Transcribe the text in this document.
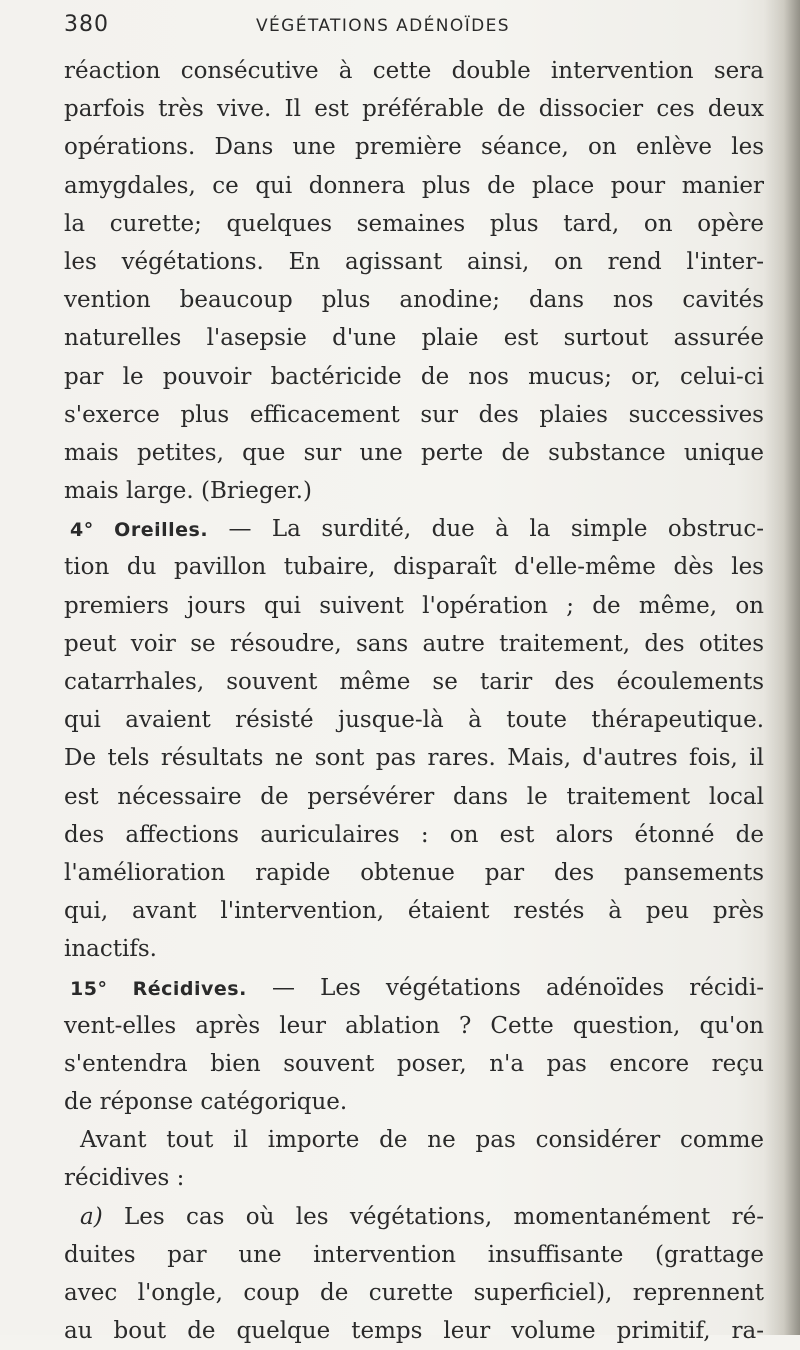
380	VÉGÉTATIONS ADÉNOÏDES
réaction consécutive à cette double intervention sera
parfois très vive. Il est préférable de dissocier ces deux
opérations. Dans une première séance, on enlève les
amygdales, ce qui donnera plus de place pour manier
la curette; quelques semaines plus tard, on opère
les végétations. En agissant ainsi, on rend l'inter-
vention beaucoup plus anodine; dans nos cavités
naturelles l'asepsie d'une plaie est surtout assurée
par le pouvoir bactéricide de nos mucus; or, celui-ci
s'exerce plus efficacement sur des plaies successives
mais petites, que sur une perte de substance unique
mais large. (Brieger.)
4° Oreilles. — La surdité, due à la simple obstruc-
tion du pavillon tubaire, disparaît d'elle-même dès les
premiers jours qui suivent l'opération ; de même, on
peut voir se résoudre, sans autre traitement, des otites
catarrhales, souvent même se tarir des écoulements
qui avaient résisté jusque-là à toute thérapeutique.
De tels résultats ne sont pas rares. Mais, d'autres fois, il
est nécessaire de persévérer dans le traitement local
des affections auriculaires : on est alors étonné de
l'amélioration rapide obtenue par des pansements
qui, avant l'intervention, étaient restés à peu près
inactifs.
15° Récidives. — Les végétations adénoïdes récidi-
vent-elles après leur ablation ? Cette question, qu'on
s'entendra bien souvent poser, n'a pas encore reçu
de réponse catégorique.
Avant tout il importe de ne pas considérer comme
récidives :
a) Les cas où les végétations, momentanément ré-
duites par une intervention insuffisante (grattage
avec l'ongle, coup de curette superficiel), reprennent
au bout de quelque temps leur volume primitif, ra-
